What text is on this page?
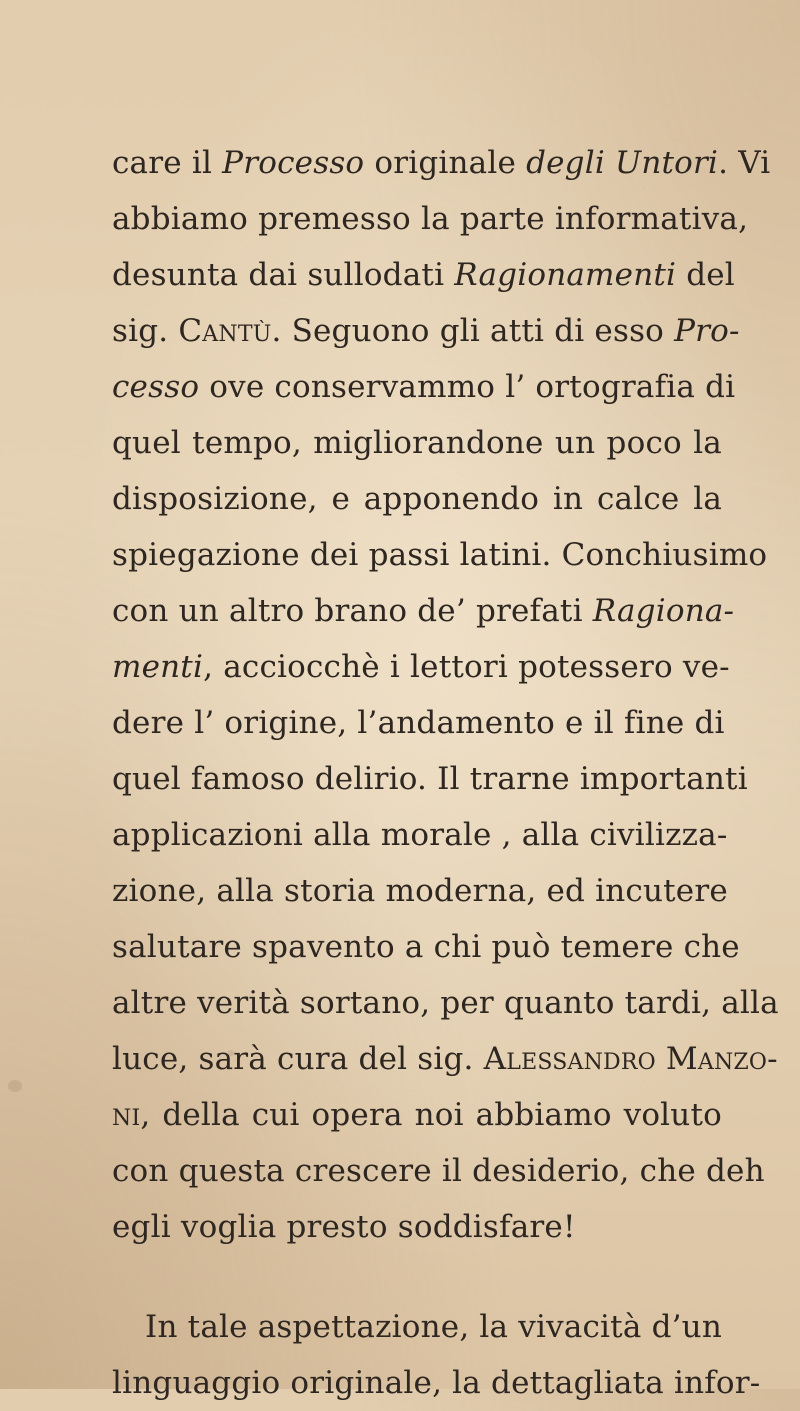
care il Processo originale degli Untori. Vi
abbiamo premesso la parte informativa,
desunta dai sullodati Ragionamenti del
sig. Cantù. Seguono gli atti di esso Pro-
cesso ove conservammo l’ ortografia di
quel tempo, migliorandone un poco la
disposizione, e apponendo in calce la
spiegazione dei passi latini. Conchiusimo
con un altro brano de’ prefati Ragiona-
menti, acciocchè i lettori potessero ve-
dere l’ origine, l’andamento e il fine di
quel famoso delirio. Il trarne importanti
applicazioni alla morale , alla civilizza-
zione, alla storia moderna, ed incutere
salutare spavento a chi può temere che
altre verità sortano, per quanto tardi, alla
luce, sarà cura del sig. Alessandro Manzo-
ni, della cui opera noi abbiamo voluto
con questa crescere il desiderio, che deh
egli voglia presto soddisfare!
In tale aspettazione, la vivacità d’un
linguaggio originale, la dettagliata infor-
